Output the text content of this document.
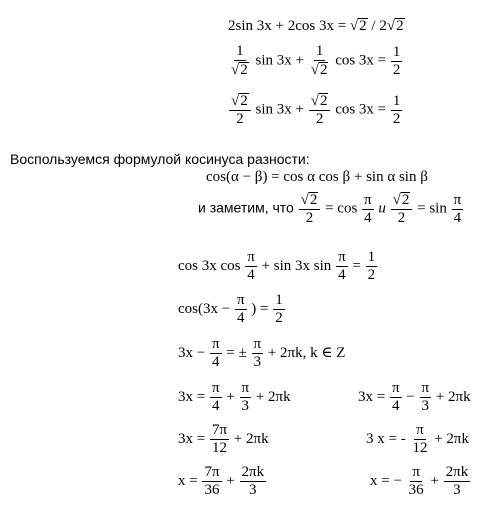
2sin 3x + 2cos 3x = √ 2 / 2 √ 2
$\frac{1}{√ 2}$ $\sin 3x + \frac{1}{√ 2}$ $\cos 3x = \frac{1}{2}$
$\frac{√ 2}{2}$ $\sin 3x + \frac{√ 2}{2}$ $\cos 3x = \frac{1}{2}$
Воспользуемся формулой косинуса разности:
cos(α − β) = cos α cos β + sin α sin β
и заметим, что $\frac{√ 2}{2} = \cos \frac{\pi}{4}$ u $\frac{√ 2}{2} = \sin \frac{\pi}{4}$
cos 3x $\cos \frac{\pi}{4} + \sin 3x$ $\sin \frac{\pi}{4} = \frac{1}{2}$
$\cos(3x - \frac{\pi}{4}$ ) = $\frac{1}{2}$
$3x - \frac{\pi}{4}$ = ± $\frac{\pi}{3} + 2\pi k$, k ∈ Z
$3x = \frac{\pi}{4} + \frac{\pi}{3} + 2\pi k$	$3x = \frac{\pi}{4} - \frac{\pi}{3} + 2\pi k$
$3x = \frac{7\pi}{12} + 2\pi k$	3 x = - $\frac{\pi}{12} + 2\pi k$
$x = \frac{7\pi}{36} + \frac{2\pi k}{3}$	x = − $\frac{\pi}{36} + \frac{2\pi k}{3}$
